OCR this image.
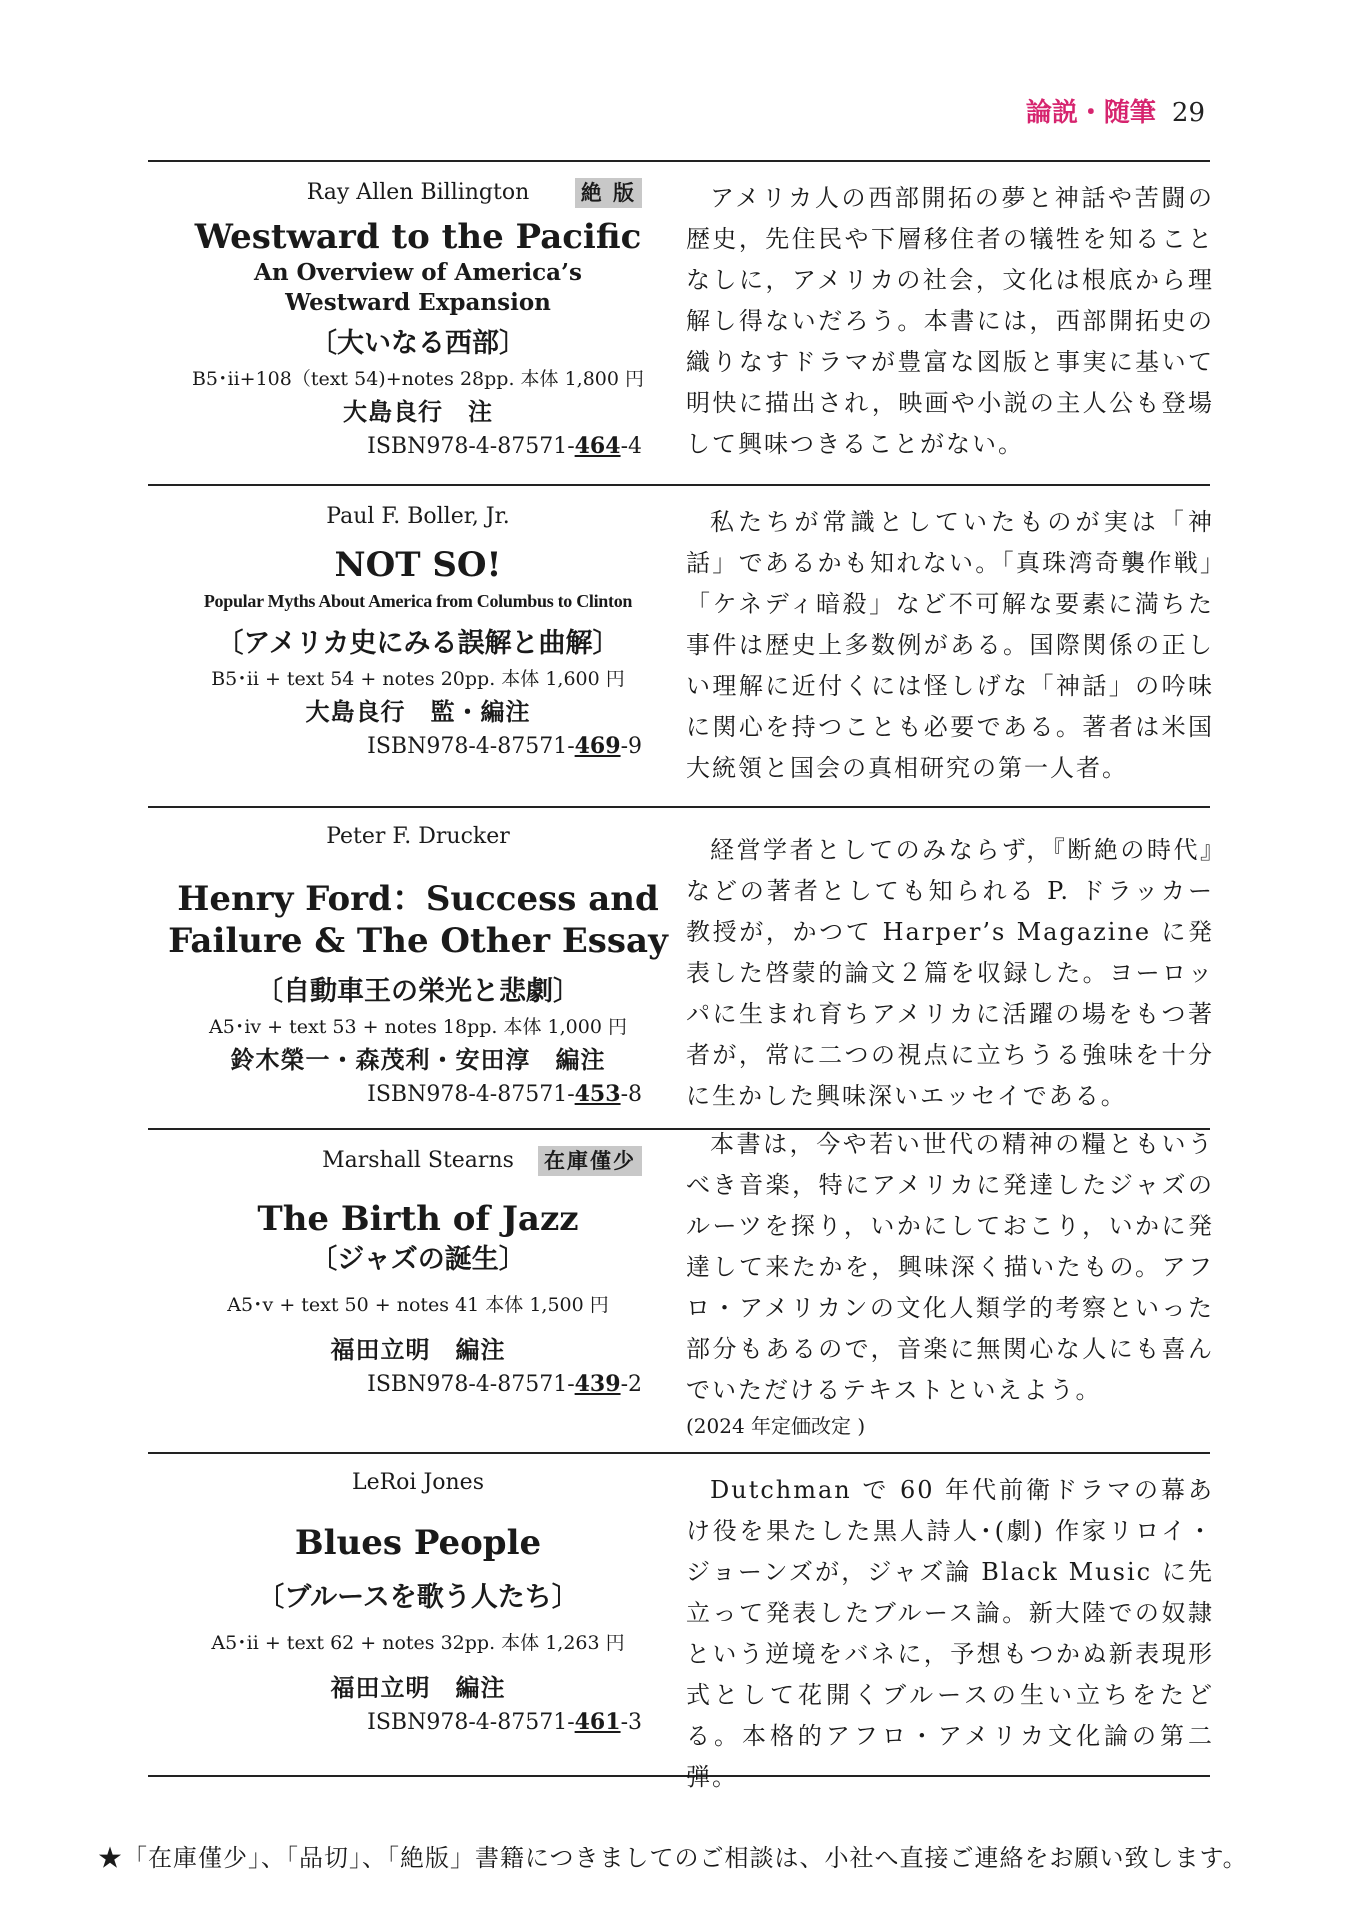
論説・随筆 29
Ray Allen Billington 絶 版
Westward to the Pacific
An Overview of America’s
Westward Expansion
〔大いなる西部〕
B5･ii+108（text 54)+notes 28pp. 本体 1,800 円
大島良行　注
ISBN978-4-87571-464-4
アメリカ人の西部開拓の夢と神話や苦闘の歴史，先住民や下層移住者の犠牲を知ることなしに，アメリカの社会，文化は根底から理解し得ないだろう。本書には，西部開拓史の織りなすドラマが豊富な図版と事実に基いて明快に描出され，映画や小説の主人公も登場して興味つきることがない。
Paul F. Boller, Jr.
NOT SO!
Popular Myths About America from Columbus to Clinton
〔アメリカ史にみる誤解と曲解〕
B5･ii + text 54 + notes 20pp. 本体 1,600 円
大島良行　監・編注
ISBN978-4-87571-469-9
私たちが常識としていたものが実は「神話」であるかも知れない。「真珠湾奇襲作戦」「ケネディ暗殺」など不可解な要素に満ちた事件は歴史上多数例がある。国際関係の正しい理解に近付くには怪しげな「神話」の吟味に関心を持つことも必要である。著者は米国大統領と国会の真相研究の第一人者。
Peter F. Drucker
Henry Ford：Success and
Failure & The Other Essay
〔自動車王の栄光と悲劇〕
A5･iv + text 53 + notes 18pp. 本体 1,000 円
鈴木榮一・森茂利・安田淳　編注
ISBN978-4-87571-453-8
経営学者としてのみならず，『断絶の時代』などの著者としても知られる P. ドラッカー教授が，かつて Harper’s Magazine に発表した啓蒙的論文２篇を収録した。ヨーロッパに生まれ育ちアメリカに活躍の場をもつ著者が，常に二つの視点に立ちうる強味を十分に生かした興味深いエッセイである。
Marshall Stearns 在庫僅少
The Birth of Jazz
〔ジャズの誕生〕
A5･v + text 50 + notes 41 本体 1,500 円
福田立明　編注
ISBN978-4-87571-439-2
本書は，今や若い世代の精神の糧ともいうべき音楽，特にアメリカに発達したジャズのルーツを探り，いかにしておこり，いかに発達して来たかを，興味深く描いたもの。アフロ・アメリカンの文化人類学的考察といった部分もあるので，音楽に無関心な人にも喜んでいただけるテキストといえよう。
(2024 年定価改定 )
LeRoi Jones
Blues People
〔ブルースを歌う人たち〕
A5･ii + text 62 + notes 32pp. 本体 1,263 円
福田立明　編注
ISBN978-4-87571-461-3
Dutchman で 60 年代前衛ドラマの幕あけ役を果たした黒人詩人･(劇) 作家リロイ・ジョーンズが，ジャズ論 Black Music に先立って発表したブルース論。新大陸での奴隷という逆境をバネに，予想もつかぬ新表現形式として花開くブルースの生い立ちをたどる。本格的アフロ・アメリカ文化論の第二弾。
★「在庫僅少」、「品切」、「絶版」書籍につきましてのご相談は、小社へ直接ご連絡をお願い致します。
